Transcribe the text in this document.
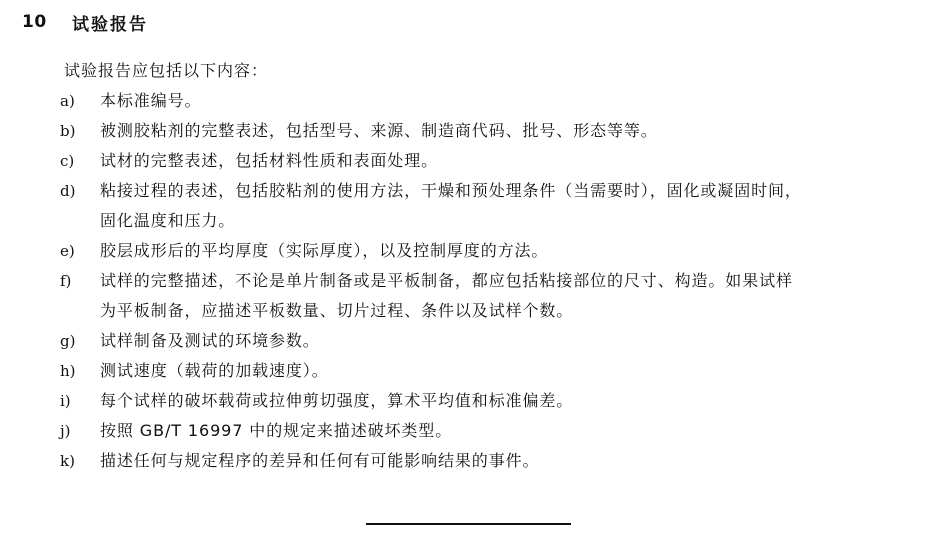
10	试验报告
试验报告应包括以下内容：
a)	本标准编号。
b)	被测胶粘剂的完整表述，包括型号、来源、制造商代码、批号、形态等等。
c)	试材的完整表述，包括材料性质和表面处理。
d)	粘接过程的表述，包括胶粘剂的使用方法，干燥和预处理条件（当需要时），固化或凝固时间，
固化温度和压力。
e)	胶层成形后的平均厚度（实际厚度），以及控制厚度的方法。
f)	试样的完整描述，不论是单片制备或是平板制备，都应包括粘接部位的尺寸、构造。如果试样
为平板制备，应描述平板数量、切片过程、条件以及试样个数。
g)	试样制备及测试的环境参数。
h)	测试速度（载荷的加载速度）。
i)	每个试样的破坏载荷或拉伸剪切强度，算术平均值和标准偏差。
j)	按照 GB/T 16997 中的规定来描述破坏类型。
k)	描述任何与规定程序的差异和任何有可能影响结果的事件。
